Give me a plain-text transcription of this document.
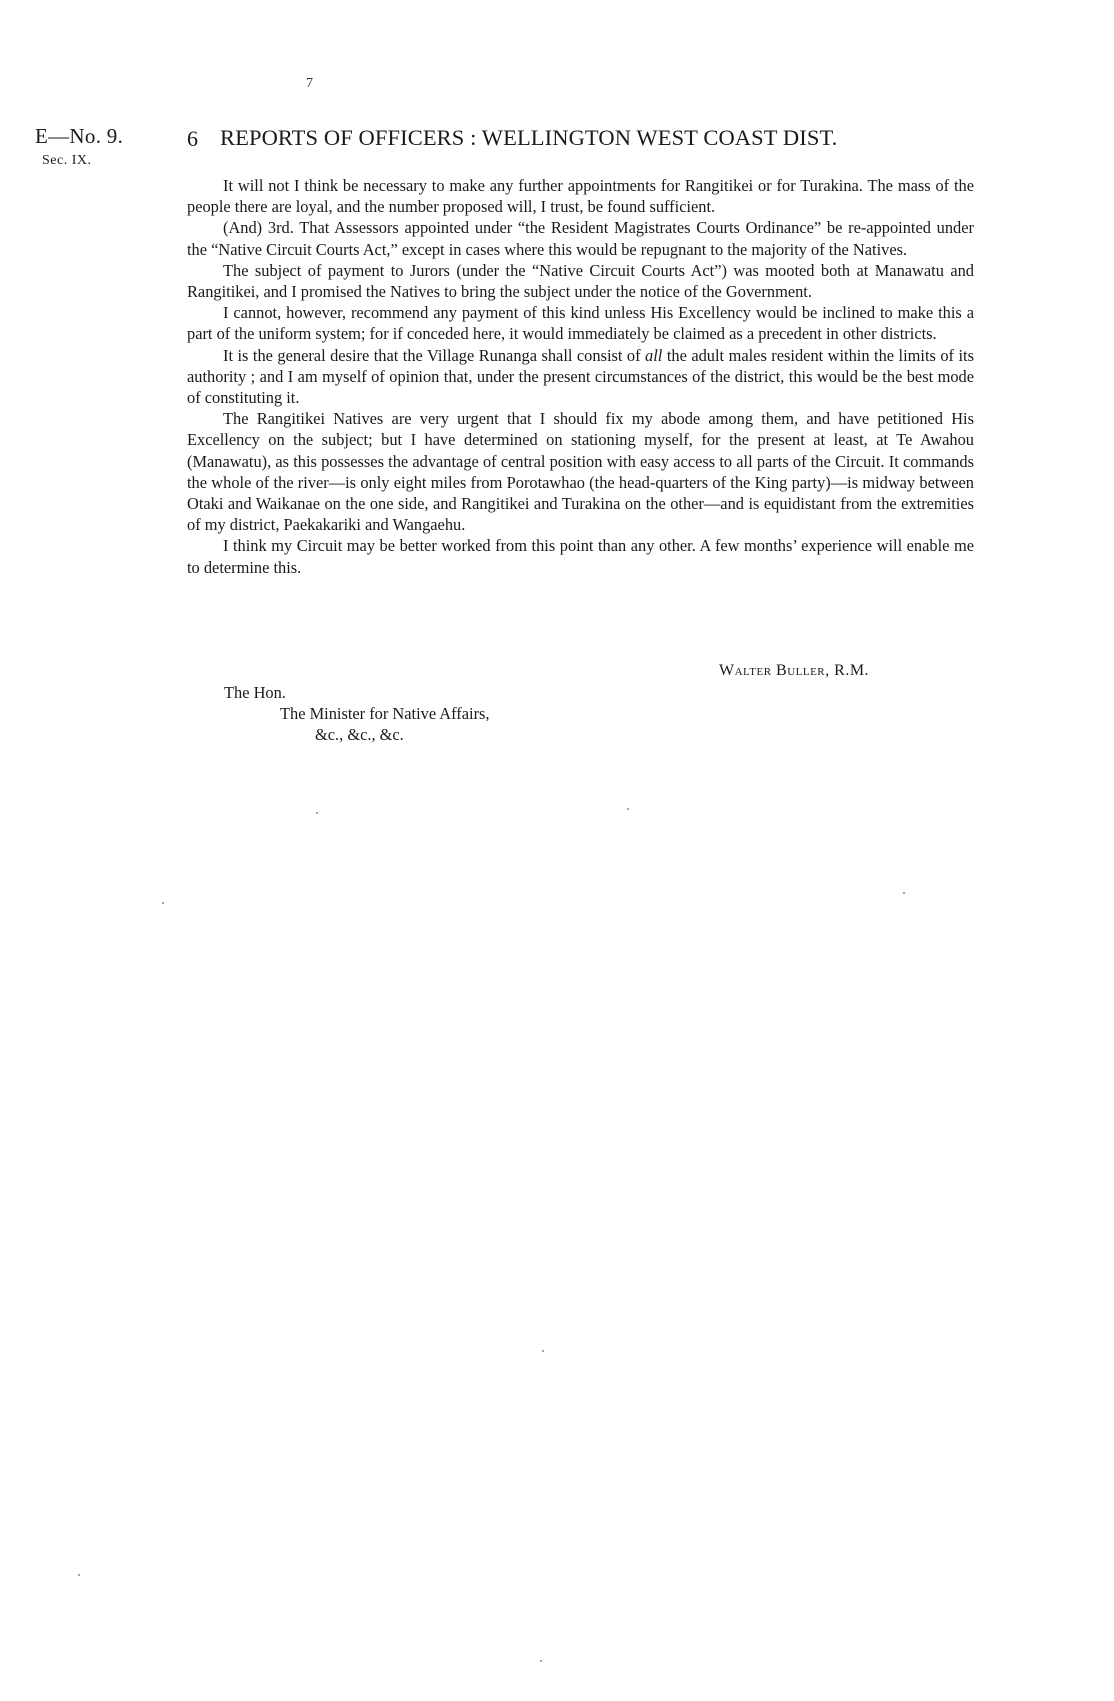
7
E—No. 9.
Sec. IX.
6 REPORTS OF OFFICERS : WELLINGTON WEST COAST DIST.

It will not I think be necessary to make any further appointments for Rangitikei or for Turakina. The mass of the people there are loyal, and the number proposed will, I trust, be found sufficient.

(And) 3rd. That Assessors appointed under “the Resident Magistrates Courts Ordinance” be re-appointed under the “Native Circuit Courts Act,” except in cases where this would be repugnant to the majority of the Natives.

The subject of payment to Jurors (under the “Native Circuit Courts Act”) was mooted both at Manawatu and Rangitikei, and I promised the Natives to bring the subject under the notice of the Government.

I cannot, however, recommend any payment of this kind unless His Excellency would be inclined to make this a part of the uniform system; for if conceded here, it would immediately be claimed as a precedent in other districts.

It is the general desire that the Village Runanga shall consist of all the adult males resident within the limits of its authority ; and I am myself of opinion that, under the present circumstances of the district, this would be the best mode of constituting it.

The Rangitikei Natives are very urgent that I should fix my abode among them, and have petitioned His Excellency on the subject; but I have determined on stationing myself, for the present at least, at Te Awahou (Manawatu), as this possesses the advantage of central position with easy access to all parts of the Circuit. It commands the whole of the river—is only eight miles from Porotawhao (the head-quarters of the King party)—is midway between Otaki and Waikanae on the one side, and Rangitikei and Turakina on the other—and is equidistant from the extremities of my district, Paekakariki and Wangaehu.

I think my Circuit may be better worked from this point than any other. A few months’ experience will enable me to determine this.

Walter Buller, R.M.
The Hon.
The Minister for Native Affairs,
&c., &c., &c.
